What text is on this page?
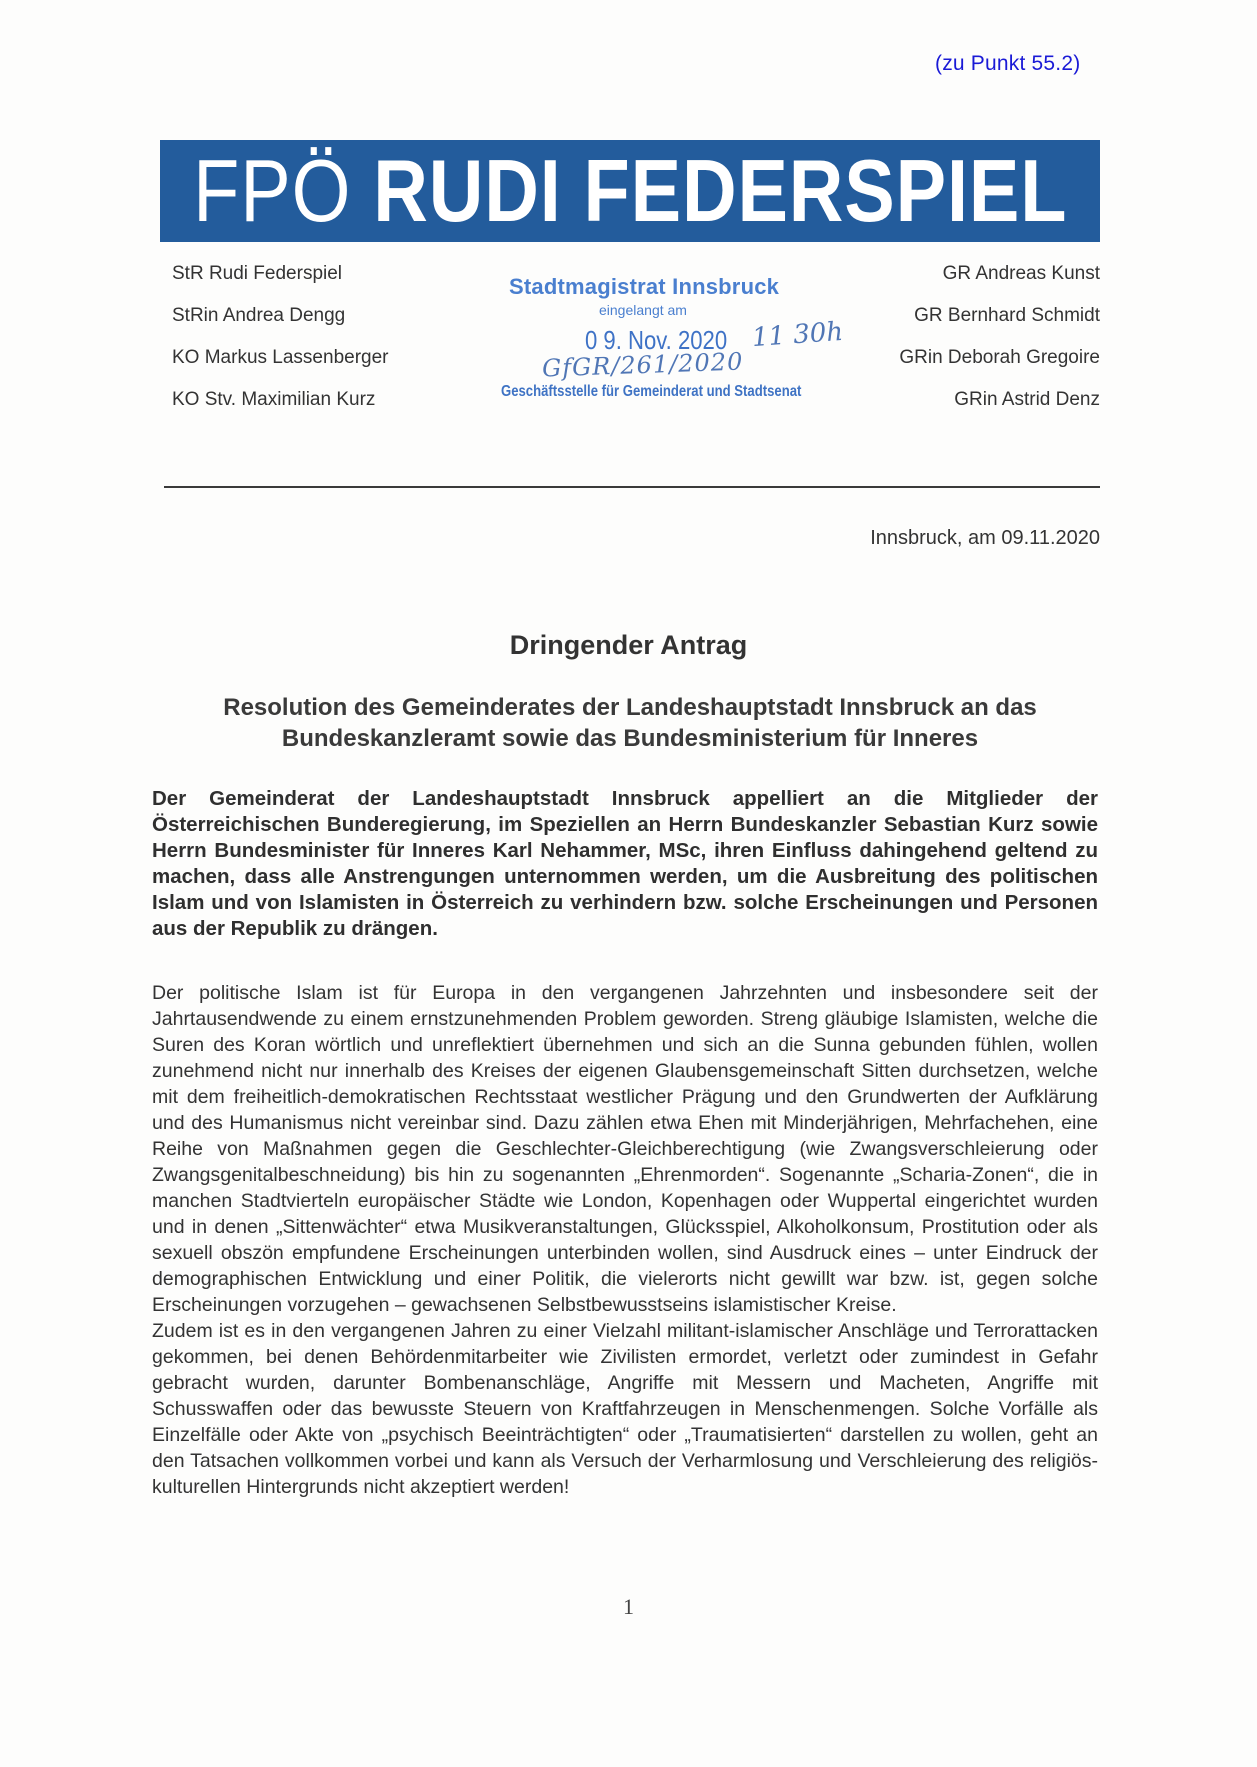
(zu Punkt 55.2)
FPÖ RUDI FEDERSPIEL
StR Rudi Federspiel
StRin Andrea Dengg
KO Markus Lassenberger
KO Stv. Maximilian Kurz
Stadtmagistrat Innsbruck
eingelangt am
0 9. Nov. 2020 11 30h
GfGR/261/2020
Geschäftsstelle für Gemeinderat und Stadtsenat
GR Andreas Kunst
GR Bernhard Schmidt
GRin Deborah Gregoire
GRin Astrid Denz
Innsbruck, am 09.11.2020
Dringender Antrag
Resolution des Gemeinderates der Landeshauptstadt Innsbruck an das Bundeskanzleramt sowie das Bundesministerium für Inneres
Der Gemeinderat der Landeshauptstadt Innsbruck appelliert an die Mitglieder der Österreichischen Bunderegierung, im Speziellen an Herrn Bundeskanzler Sebastian Kurz sowie Herrn Bundesminister für Inneres Karl Nehammer, MSc, ihren Einfluss dahingehend geltend zu machen, dass alle Anstrengungen unternommen werden, um die Ausbreitung des politischen Islam und von Islamisten in Österreich zu verhindern bzw. solche Erscheinungen und Personen aus der Republik zu drängen.

Der politische Islam ist für Europa in den vergangenen Jahrzehnten und insbesondere seit der Jahrtausendwende zu einem ernstzunehmenden Problem geworden. Streng gläubige Islamisten, welche die Suren des Koran wörtlich und unreflektiert übernehmen und sich an die Sunna gebunden fühlen, wollen zunehmend nicht nur innerhalb des Kreises der eigenen Glaubensgemeinschaft Sitten durchsetzen, welche mit dem freiheitlich-demokratischen Rechtsstaat westlicher Prägung und den Grundwerten der Aufklärung und des Humanismus nicht vereinbar sind. Dazu zählen etwa Ehen mit Minderjährigen, Mehrfachehen, eine Reihe von Maßnahmen gegen die Geschlechter-Gleichberechtigung (wie Zwangsverschleierung oder Zwangsgenitalbeschneidung) bis hin zu sogenannten „Ehrenmorden“. Sogenannte „Scharia-Zonen“, die in manchen Stadtvierteln europäischer Städte wie London, Kopenhagen oder Wuppertal eingerichtet wurden und in denen „Sittenwächter“ etwa Musikveranstaltungen, Glücksspiel, Alkoholkonsum, Prostitution oder als sexuell obszön empfundene Erscheinungen unterbinden wollen, sind Ausdruck eines – unter Eindruck der demographischen Entwicklung und einer Politik, die vielerorts nicht gewillt war bzw. ist, gegen solche Erscheinungen vorzugehen – gewachsenen Selbstbewusstseins islamistischer Kreise.

Zudem ist es in den vergangenen Jahren zu einer Vielzahl militant-islamischer Anschläge und Terrorattacken gekommen, bei denen Behördenmitarbeiter wie Zivilisten ermordet, verletzt oder zumindest in Gefahr gebracht wurden, darunter Bombenanschläge, Angriffe mit Messern und Macheten, Angriffe mit Schusswaffen oder das bewusste Steuern von Kraftfahrzeugen in Menschenmengen. Solche Vorfälle als Einzelfälle oder Akte von „psychisch Beeinträchtigten“ oder „Traumatisierten“ darstellen zu wollen, geht an den Tatsachen vollkommen vorbei und kann als Versuch der Verharmlosung und Verschleierung des religiös-kulturellen Hintergrunds nicht akzeptiert werden!

1
